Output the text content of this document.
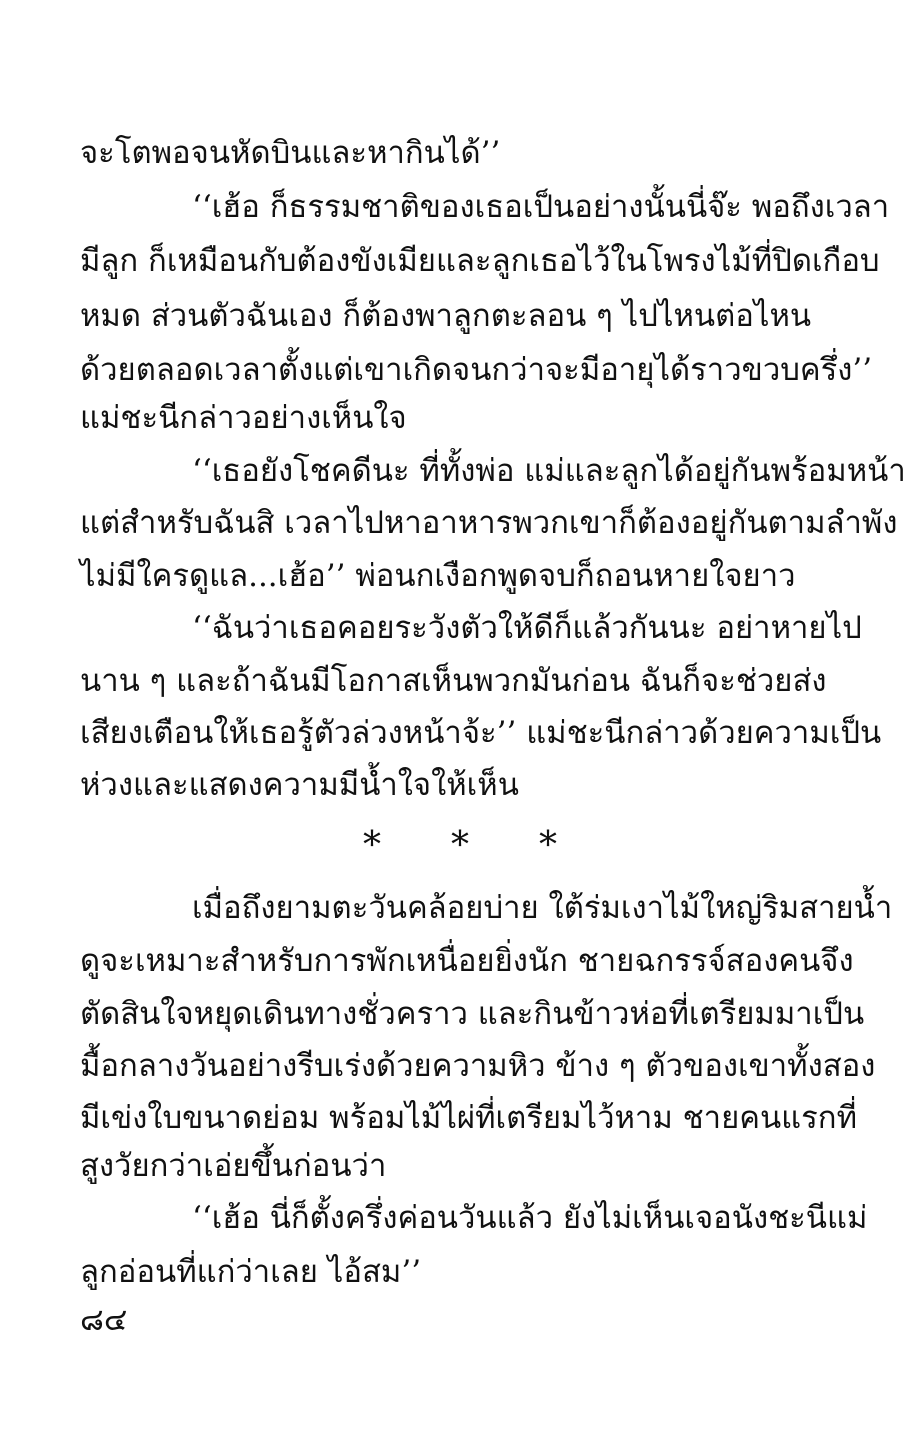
จะโตพอจนหัดบินและหากินได้’’
‘‘เฮ้อ ก็ธรรมชาติของเธอเป็นอย่างนั้นนี่จ๊ะ พอถึงเวลา
มีลูก ก็เหมือนกับต้องขังเมียและลูกเธอไว้ในโพรงไม้ที่ปิดเกือบ
หมด ส่วนตัวฉันเอง ก็ต้องพาลูกตะลอน ๆ ไปไหนต่อไหน
ด้วยตลอดเวลาตั้งแต่เขาเกิดจนกว่าจะมีอายุได้ราวขวบครึ่ง’’
แม่ชะนีกล่าวอย่างเห็นใจ
‘‘เธอยังโชคดีนะ ที่ทั้งพ่อ แม่และลูกได้อยู่กันพร้อมหน้า
แต่สำหรับฉันสิ เวลาไปหาอาหารพวกเขาก็ต้องอยู่กันตามลำพัง
ไม่มีใครดูแล...เฮ้อ’’ พ่อนกเงือกพูดจบก็ถอนหายใจยาว
‘‘ฉันว่าเธอคอยระวังตัวให้ดีก็แล้วกันนะ อย่าหายไป
นาน ๆ และถ้าฉันมีโอกาสเห็นพวกมันก่อน ฉันก็จะช่วยส่ง
เสียงเตือนให้เธอรู้ตัวล่วงหน้าจ้ะ’’ แม่ชะนีกล่าวด้วยความเป็น
ห่วงและแสดงความมีน้ำใจให้เห็น
* * *
เมื่อถึงยามตะวันคล้อยบ่าย ใต้ร่มเงาไม้ใหญ่ริมสายน้ำ
ดูจะเหมาะสำหรับการพักเหนื่อยยิ่งนัก ชายฉกรรจ์สองคนจึง
ตัดสินใจหยุดเดินทางชั่วคราว และกินข้าวห่อที่เตรียมมาเป็น
มื้อกลางวันอย่างรีบเร่งด้วยความหิว ข้าง ๆ ตัวของเขาทั้งสอง
มีเข่งใบขนาดย่อม พร้อมไม้ไผ่ที่เตรียมไว้หาม ชายคนแรกที่
สูงวัยกว่าเอ่ยขึ้นก่อนว่า
‘‘เฮ้อ นี่ก็ตั้งครึ่งค่อนวันแล้ว ยังไม่เห็นเจอนังชะนีแม่
ลูกอ่อนที่แก่ว่าเลย ไอ้สม’’
๘๔
